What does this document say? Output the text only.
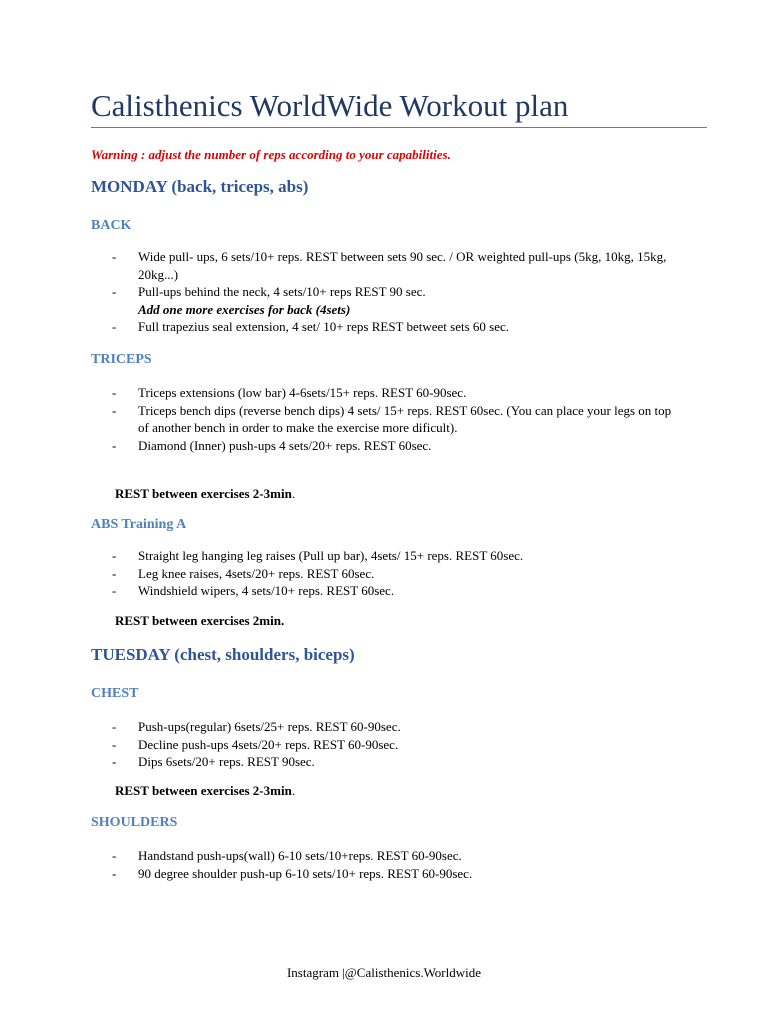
Calisthenics WorldWide Workout plan
Warning : adjust the number of reps according to your capabilities.
MONDAY (back, triceps, abs)
BACK
- Wide pull- ups, 6 sets/10+ reps. REST between sets 90 sec. / OR weighted pull-ups (5kg, 10kg, 15kg, 20kg...)
- Pull-ups behind the neck, 4 sets/10+ reps REST 90 sec.
Add one more exercises for back (4sets)
- Full trapezius seal extension, 4 set/ 10+ reps REST betweet sets 60 sec.
TRICEPS
- Triceps extensions (low bar) 4-6sets/15+ reps. REST 60-90sec.
- Triceps bench dips (reverse bench dips) 4 sets/ 15+ reps. REST 60sec. (You can place your legs on top of another bench in order to make the exercise more dificult).
- Diamond (Inner) push-ups 4 sets/20+ reps. REST 60sec.
REST between exercises 2-3min.
ABS Training A
- Straight leg hanging leg raises (Pull up bar), 4sets/ 15+ reps. REST 60sec.
- Leg knee raises, 4sets/20+ reps. REST 60sec.
- Windshield wipers, 4 sets/10+ reps. REST 60sec.
REST between exercises 2min.
TUESDAY (chest, shoulders, biceps)
CHEST
- Push-ups(regular) 6sets/25+ reps. REST 60-90sec.
- Decline push-ups 4sets/20+ reps. REST 60-90sec.
- Dips 6sets/20+ reps. REST 90sec.
REST between exercises 2-3min.
SHOULDERS
- Handstand push-ups(wall) 6-10 sets/10+reps. REST 60-90sec.
- 90 degree shoulder push-up 6-10 sets/10+ reps. REST 60-90sec.
Instagram |@Calisthenics.Worldwide
